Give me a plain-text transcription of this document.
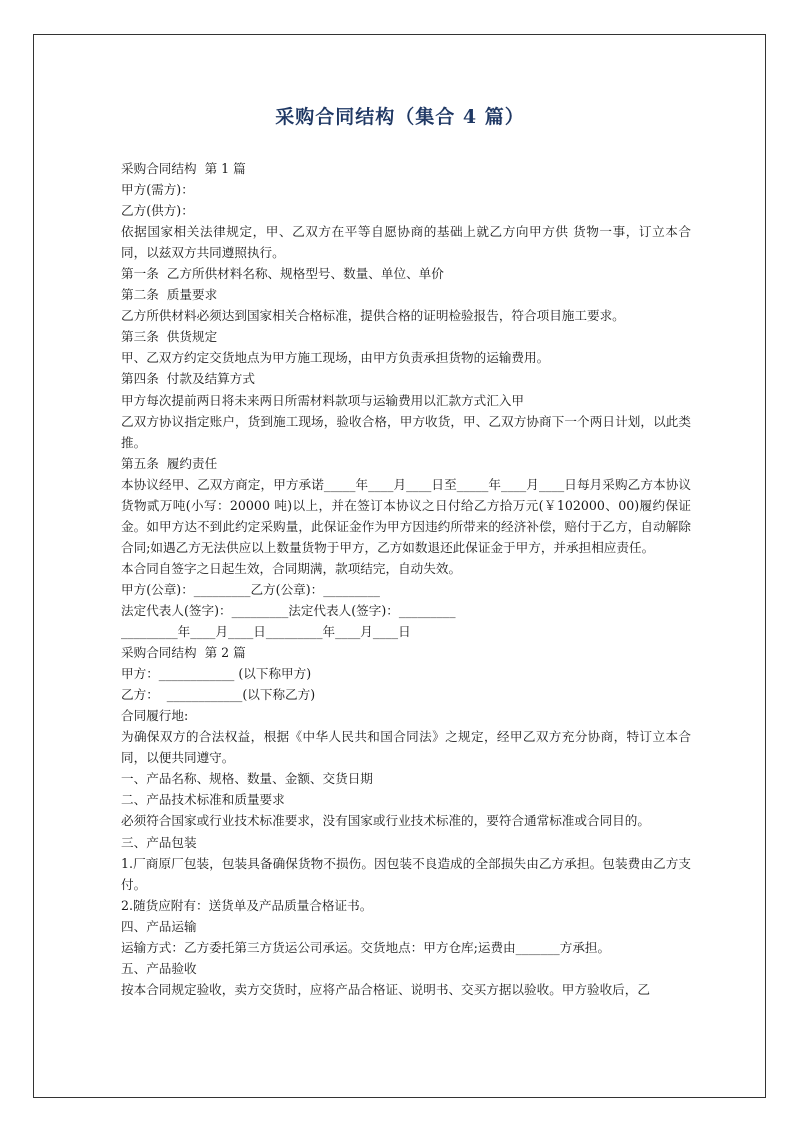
采购合同结构（集合 4 篇）
采购合同结构  第 1 篇
甲方(需方)：
乙方(供方)：
依据国家相关法律规定，甲、乙双方在平等自愿协商的基础上就乙方向甲方供 货物一事，订立本合同，以兹双方共同遵照执行。
第一条  乙方所供材料名称、规格型号、数量、单位、单价
第二条  质量要求
乙方所供材料必须达到国家相关合格标准，提供合格的证明检验报告，符合项目施工要求。
第三条  供货规定
甲、乙双方约定交货地点为甲方施工现场，由甲方负责承担货物的运输费用。
第四条  付款及结算方式
甲方每次提前两日将未来两日所需材料款项与运输费用以汇款方式汇入甲
乙双方协议指定账户，货到施工现场，验收合格，甲方收货，甲、乙双方协商下一个两日计划，以此类推。
第五条  履约责任
本协议经甲、乙双方商定，甲方承诺_____年____月____日至_____年____月____日每月采购乙方本协议货物贰万吨(小写：20000 吨)以上，并在签订本协议之日付给乙方拾万元(￥102000、00)履约保证金。如甲方达不到此约定采购量，此保证金作为甲方因违约所带来的经济补偿，赔付于乙方，自动解除合同;如遇乙方无法供应以上数量货物于甲方，乙方如数退还此保证金于甲方，并承担相应责任。
本合同自签字之日起生效，合同期满，款项结完，自动失效。
甲方(公章)：_________乙方(公章)：_________
法定代表人(签字)：_________法定代表人(签字)：_________
_________年____月____日_________年____月____日
采购合同结构  第 2 篇
甲方：____________ (以下称甲方)
乙方：  ____________(以下称乙方)
合同履行地:
为确保双方的合法权益，根据《中华人民共和国合同法》之规定，经甲乙双方充分协商，特订立本合同，以便共同遵守。
一、产品名称、规格、数量、金额、交货日期
二、产品技术标准和质量要求
必须符合国家或行业技术标准要求，没有国家或行业技术标准的，要符合通常标准或合同目的。
三、产品包装
1.厂商原厂包装，包装具备确保货物不损伤。因包装不良造成的全部损失由乙方承担。包装费由乙方支付。
2.随货应附有：送货单及产品质量合格证书。
四、产品运输
运输方式：乙方委托第三方货运公司承运。交货地点：甲方仓库;运费由_______方承担。
五、产品验收
按本合同规定验收，卖方交货时，应将产品合格证、说明书、交买方据以验收。甲方验收后，乙
